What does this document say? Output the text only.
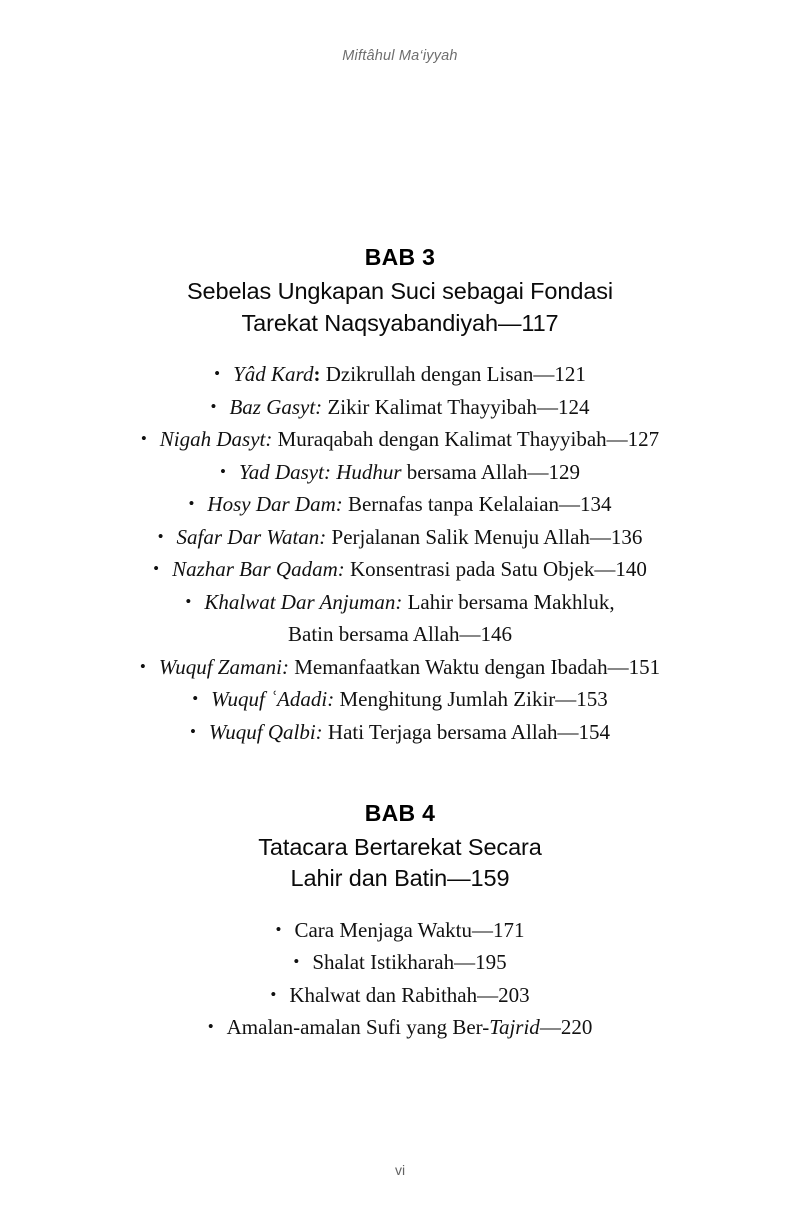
Miftâhul Ma‘iyyah
BAB 3
Sebelas Ungkapan Suci sebagai Fondasi
Tarekat Naqsyabandiyah—117
• Yâd Kard: Dzikrullah dengan Lisan—121
• Baz Gasyt: Zikir Kalimat Thayyibah—124
• Nigah Dasyt: Muraqabah dengan Kalimat Thayyibah—127
• Yad Dasyt: Hudhur bersama Allah—129
• Hosy Dar Dam: Bernafas tanpa Kelalaian—134
• Safar Dar Watan: Perjalanan Salik Menuju Allah—136
• Nazhar Bar Qadam: Konsentrasi pada Satu Objek—140
• Khalwat Dar Anjuman: Lahir bersama Makhluk,
Batin bersama Allah—146
• Wuquf Zamani: Memanfaatkan Waktu dengan Ibadah—151
• Wuquf ʿAdadi: Menghitung Jumlah Zikir—153
• Wuquf Qalbi: Hati Terjaga bersama Allah—154
BAB 4
Tatacara Bertarekat Secara
Lahir dan Batin—159
• Cara Menjaga Waktu—171
• Shalat Istikharah—195
• Khalwat dan Rabithah—203
• Amalan-amalan Sufi yang Ber-Tajrid—220
vi
